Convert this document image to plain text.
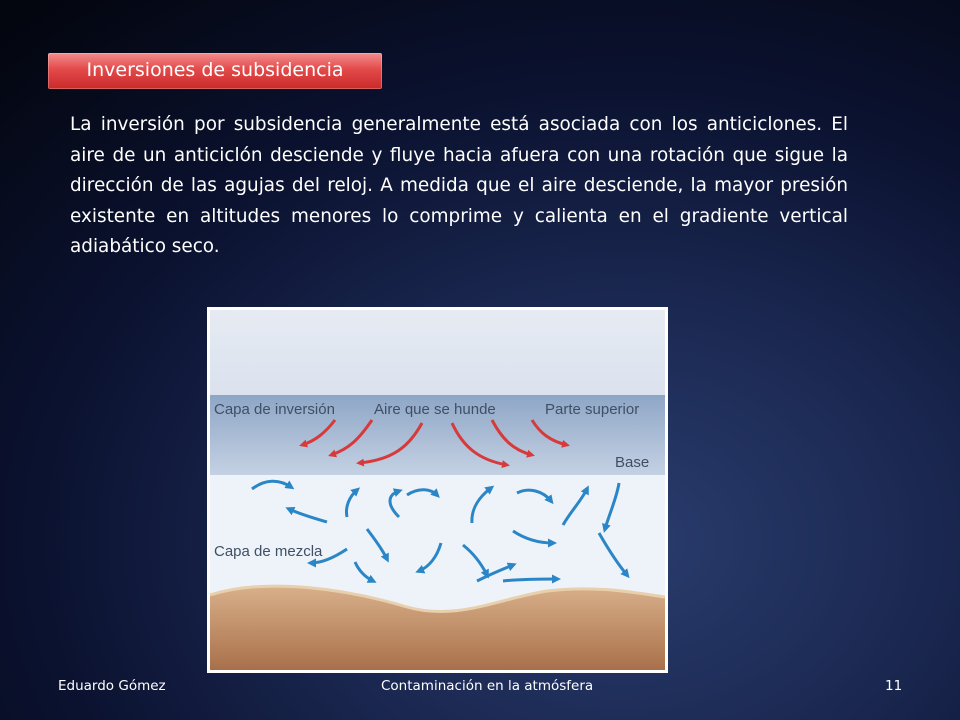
Inversiones de subsidencia
La inversión por subsidencia generalmente está asociada con los anticiclones. El aire de un anticiclón desciende y fluye hacia afuera con una rotación que sigue la dirección de las agujas del reloj. A medida que el aire desciende, la mayor presión existente en altitudes menores lo comprime y calienta en el gradiente vertical adiabático seco.
Capa de inversión	Aire que se hunde	Parte superior
Base
Capa de mezcla
Eduardo Gómez	Contaminación en la atmósfera	11
